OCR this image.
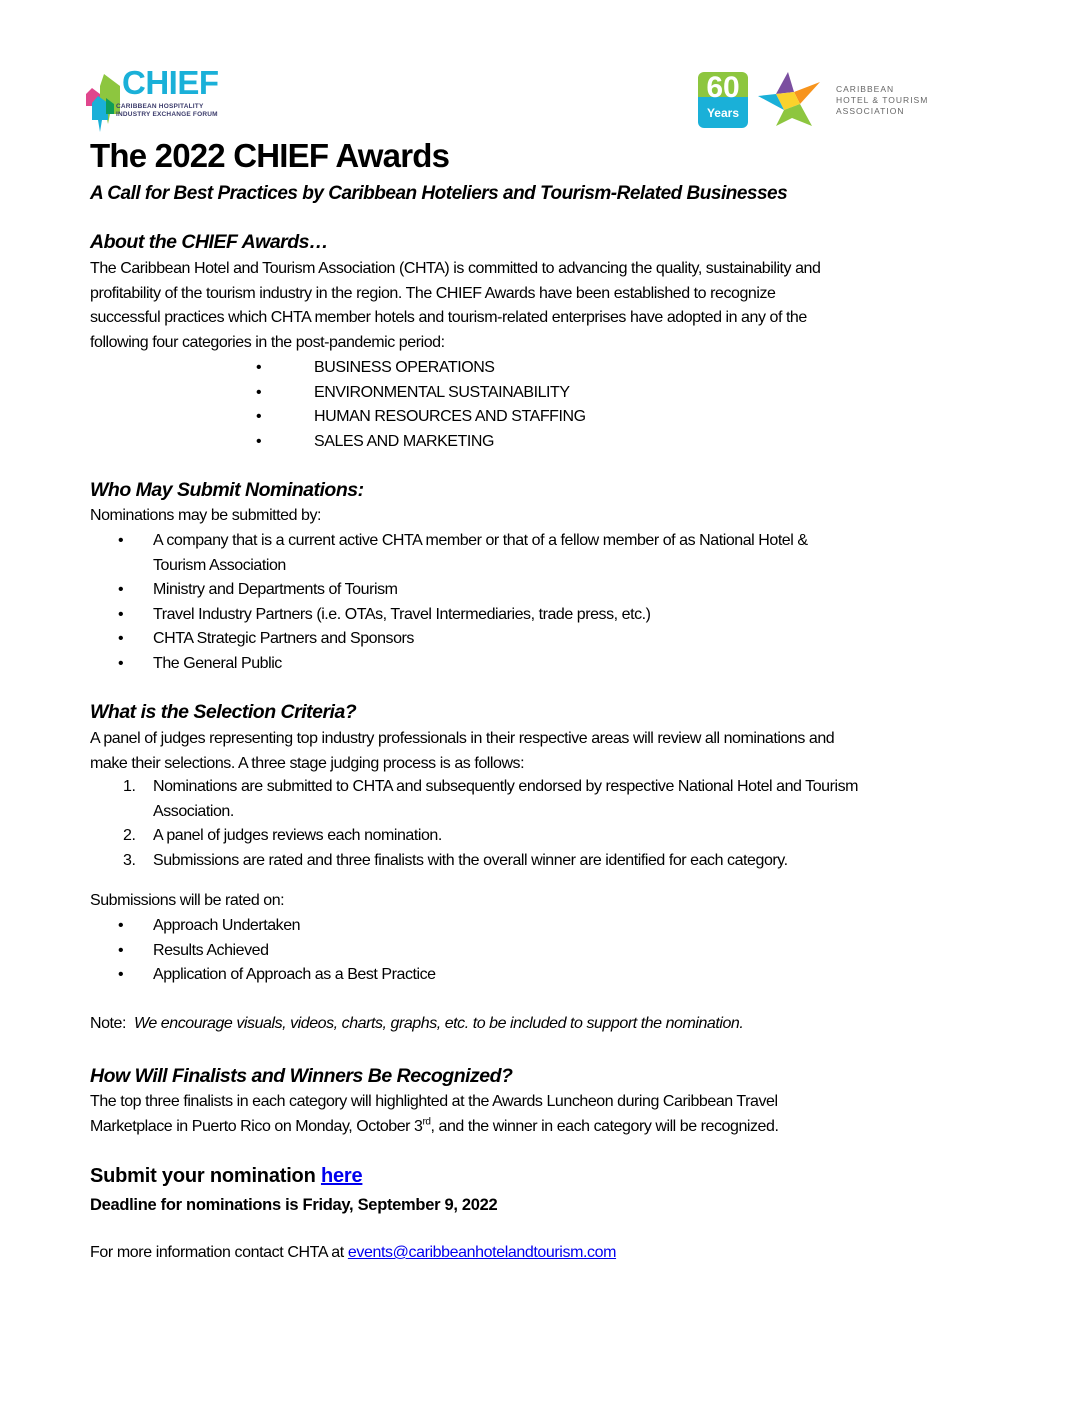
CHIEF
CARIBBEAN HOSPITALITY
INDUSTRY EXCHANGE FORUM
60
Years
CARIBBEAN
HOTEL & TOURISM
ASSOCIATION
The 2022 CHIEF Awards
A Call for Best Practices by Caribbean Hoteliers and Tourism-Related Businesses
About the CHIEF Awards…
The Caribbean Hotel and Tourism Association (CHTA) is committed to advancing the quality, sustainability and
profitability of the tourism industry in the region. The CHIEF Awards have been established to recognize
successful practices which CHTA member hotels and tourism-related enterprises have adopted in any of the
following four categories in the post-pandemic period:
• BUSINESS OPERATIONS
• ENVIRONMENTAL SUSTAINABILITY
• HUMAN RESOURCES AND STAFFING
• SALES AND MARKETING
Who May Submit Nominations:
Nominations may be submitted by:
• A company that is a current active CHTA member or that of a fellow member of as National Hotel &
Tourism Association
• Ministry and Departments of Tourism
• Travel Industry Partners (i.e. OTAs, Travel Intermediaries, trade press, etc.)
• CHTA Strategic Partners and Sponsors
• The General Public
What is the Selection Criteria?
A panel of judges representing top industry professionals in their respective areas will review all nominations and
make their selections. A three stage judging process is as follows:
1. Nominations are submitted to CHTA and subsequently endorsed by respective National Hotel and Tourism
Association.
2. A panel of judges reviews each nomination.
3. Submissions are rated and three finalists with the overall winner are identified for each category.
Submissions will be rated on:
• Approach Undertaken
• Results Achieved
• Application of Approach as a Best Practice
Note: We encourage visuals, videos, charts, graphs, etc. to be included to support the nomination.
How Will Finalists and Winners Be Recognized?
The top three finalists in each category will highlighted at the Awards Luncheon during Caribbean Travel
Marketplace in Puerto Rico on Monday, October 3rd, and the winner in each category will be recognized.
Submit your nomination here
Deadline for nominations is Friday, September 9, 2022
For more information contact CHTA at events@caribbeanhotelandtourism.com
